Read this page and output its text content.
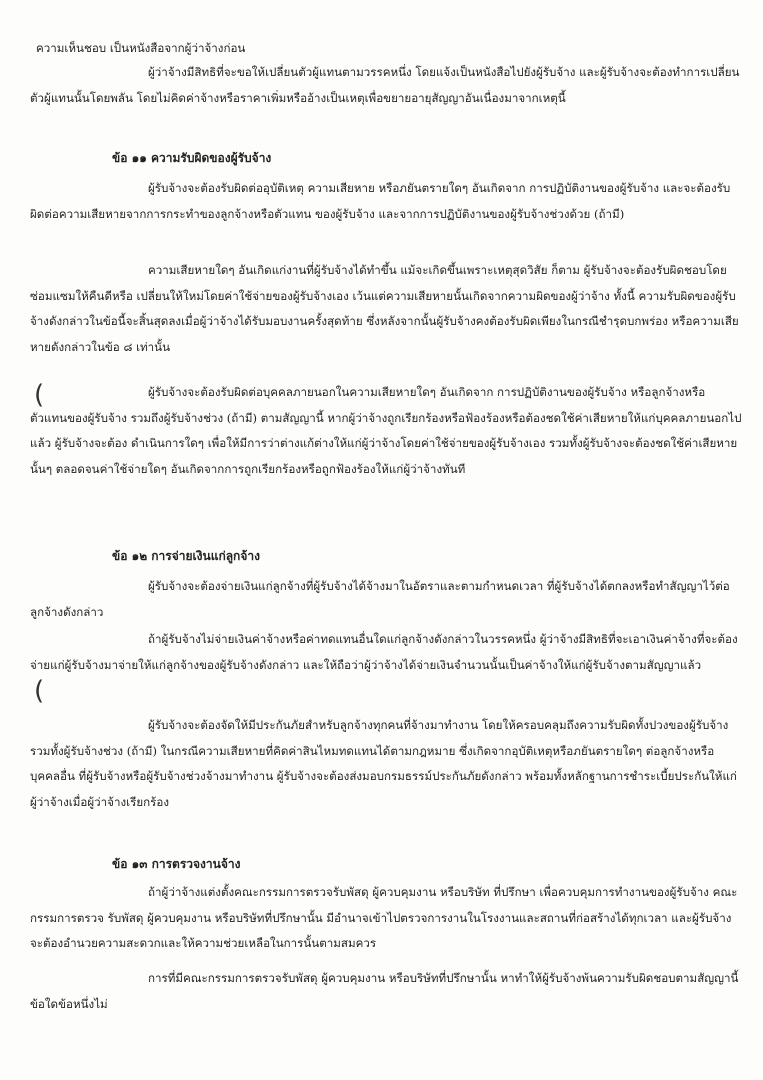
ความเห็นชอบ เป็นหนังสือจากผู้ว่าจ้างก่อน

ผู้ว่าจ้างมีสิทธิที่จะขอให้เปลี่ยนตัวผู้แทนตามวรรคหนึ่ง โดยแจ้งเป็นหนังสือไปยังผู้รับจ้าง และผู้รับจ้างจะต้องทำการเปลี่ยนตัวผู้แทนนั้นโดยพลัน โดยไม่คิดค่าจ้างหรือราคาเพิ่มหรืออ้างเป็นเหตุเพื่อขยายอายุสัญญาอันเนื่องมาจากเหตุนี้

ข้อ ๑๑ ความรับผิดของผู้รับจ้าง

ผู้รับจ้างจะต้องรับผิดต่ออุบัติเหตุ ความเสียหาย หรือภยันตรายใดๆ อันเกิดจาก การปฏิบัติงานของผู้รับจ้าง และจะต้องรับผิดต่อความเสียหายจากการกระทำของลูกจ้างหรือตัวแทน ของผู้รับจ้าง และจากการปฏิบัติงานของผู้รับจ้างช่วงด้วย (ถ้ามี)

ความเสียหายใดๆ อันเกิดแก่งานที่ผู้รับจ้างได้ทำขึ้น แม้จะเกิดขึ้นเพราะเหตุสุดวิสัย ก็ตาม ผู้รับจ้างจะต้องรับผิดชอบโดยซ่อมแซมให้คืนดีหรือ เปลี่ยนให้ใหม่โดยค่าใช้จ่ายของผู้รับจ้างเอง เว้นแต่ความเสียหายนั้นเกิดจากความผิดของผู้ว่าจ้าง ทั้งนี้ ความรับผิดของผู้รับจ้างดังกล่าวในข้อนี้จะสิ้นสุดลงเมื่อผู้ว่าจ้างได้รับมอบงานครั้งสุดท้าย ซึ่งหลังจากนั้นผู้รับจ้างคงต้องรับผิดเพียงในกรณีชำรุดบกพร่อง หรือความเสียหายดังกล่าวในข้อ ๘ เท่านั้น

ผู้รับจ้างจะต้องรับผิดต่อบุคคลภายนอกในความเสียหายใดๆ อันเกิดจาก การปฏิบัติงานของผู้รับจ้าง หรือลูกจ้างหรือตัวแทนของผู้รับจ้าง รวมถึงผู้รับจ้างช่วง (ถ้ามี) ตามสัญญานี้ หากผู้ว่าจ้างถูกเรียกร้องหรือฟ้องร้องหรือต้องชดใช้ค่าเสียหายให้แก่บุคคลภายนอกไปแล้ว ผู้รับจ้างจะต้อง ดำเนินการใดๆ เพื่อให้มีการว่าต่างแก้ต่างให้แก่ผู้ว่าจ้างโดยค่าใช้จ่ายของผู้รับจ้างเอง รวมทั้งผู้รับจ้างจะต้องชดใช้ค่าเสียหายนั้นๆ ตลอดจนค่าใช้จ่ายใดๆ อันเกิดจากการถูกเรียกร้องหรือถูกฟ้องร้องให้แก่ผู้ว่าจ้างทันที

ข้อ ๑๒ การจ่ายเงินแก่ลูกจ้าง

ผู้รับจ้างจะต้องจ่ายเงินแก่ลูกจ้างที่ผู้รับจ้างได้จ้างมาในอัตราและตามกำหนดเวลา ที่ผู้รับจ้างได้ตกลงหรือทำสัญญาไว้ต่อลูกจ้างดังกล่าว

ถ้าผู้รับจ้างไม่จ่ายเงินค่าจ้างหรือค่าทดแทนอื่นใดแก่ลูกจ้างดังกล่าวในวรรคหนึ่ง ผู้ว่าจ้างมีสิทธิที่จะเอาเงินค่าจ้างที่จะต้องจ่ายแก่ผู้รับจ้างมาจ่ายให้แก่ลูกจ้างของผู้รับจ้างดังกล่าว และให้ถือว่าผู้ว่าจ้างได้จ่ายเงินจำนวนนั้นเป็นค่าจ้างให้แก่ผู้รับจ้างตามสัญญาแล้ว

ผู้รับจ้างจะต้องจัดให้มีประกันภัยสำหรับลูกจ้างทุกคนที่จ้างมาทำงาน โดยให้ครอบคลุมถึงความรับผิดทั้งปวงของผู้รับจ้าง รวมทั้งผู้รับจ้างช่วง (ถ้ามี) ในกรณีความเสียหายที่คิดค่าสินไหมทดแทนได้ตามกฎหมาย ซึ่งเกิดจากอุบัติเหตุหรือภยันตรายใดๆ ต่อลูกจ้างหรือบุคคลอื่น ที่ผู้รับจ้างหรือผู้รับจ้างช่วงจ้างมาทำงาน ผู้รับจ้างจะต้องส่งมอบกรมธรรม์ประกันภัยดังกล่าว พร้อมทั้งหลักฐานการชำระเบี้ยประกันให้แก่ผู้ว่าจ้างเมื่อผู้ว่าจ้างเรียกร้อง

ข้อ ๑๓ การตรวจงานจ้าง

ถ้าผู้ว่าจ้างแต่งตั้งคณะกรรมการตรวจรับพัสดุ ผู้ควบคุมงาน หรือบริษัท ที่ปรึกษา เพื่อควบคุมการทำงานของผู้รับจ้าง คณะกรรมการตรวจ รับพัสดุ ผู้ควบคุมงาน หรือบริษัทที่ปรึกษานั้น มีอำนาจเข้าไปตรวจการงานในโรงงานและสถานที่ก่อสร้างได้ทุกเวลา และผู้รับจ้างจะต้องอำนวยความสะดวกและให้ความช่วยเหลือในการนั้นตามสมควร

การที่มีคณะกรรมการตรวจรับพัสดุ ผู้ควบคุมงาน หรือบริษัทที่ปรึกษานั้น หาทำให้ผู้รับจ้างพ้นความรับผิดชอบตามสัญญานี้ข้อใดข้อหนึ่งไม่

(
(
